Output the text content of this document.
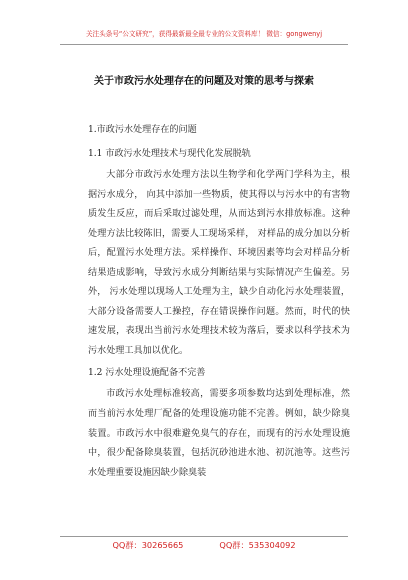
关注头条号“公文研究”，获得最新最全最专业的公文资料库！ 微信：gongwenyj
关于市政污水处理存在的问题及对策的思考与探索
1.市政污水处理存在的问题
1.1 市政污水处理技术与现代化发展脱轨
大部分市政污水处理方法以生物学和化学两门学科为主，根据污水成分， 向其中添加一些物质，使其得以与污水中的有害物质发生反应，而后采取过滤处理，从而达到污水排放标准。这种处理方法比较陈旧，需要人工现场采样， 对样品的成分加以分析后，配置污水处理方法。采样操作、环境因素等均会对样品分析结果造成影响，导致污水成分判断结果与实际情况产生偏差。另外， 污水处理以现场人工处理为主，缺少自动化污水处理装置，大部分设备需要人工操控，存在错误操作问题。然而，时代的快速发展，表现出当前污水处理技术较为落后，要求以科学技术为污水处理工具加以优化。
1.2 污水处理设施配备不完善
市政污水处理标准较高，需要多项参数均达到处理标准，然而当前污水处理厂配备的处理设施功能不完善。例如，缺少除臭装置。市政污水中很难避免臭气的存在，而现有的污水处理设施中，很少配备除臭装置，包括沉砂池进水池、初沉池等。这些污水处理重要设施因缺少除臭装
QQ群：30265665	QQ群：535304092
